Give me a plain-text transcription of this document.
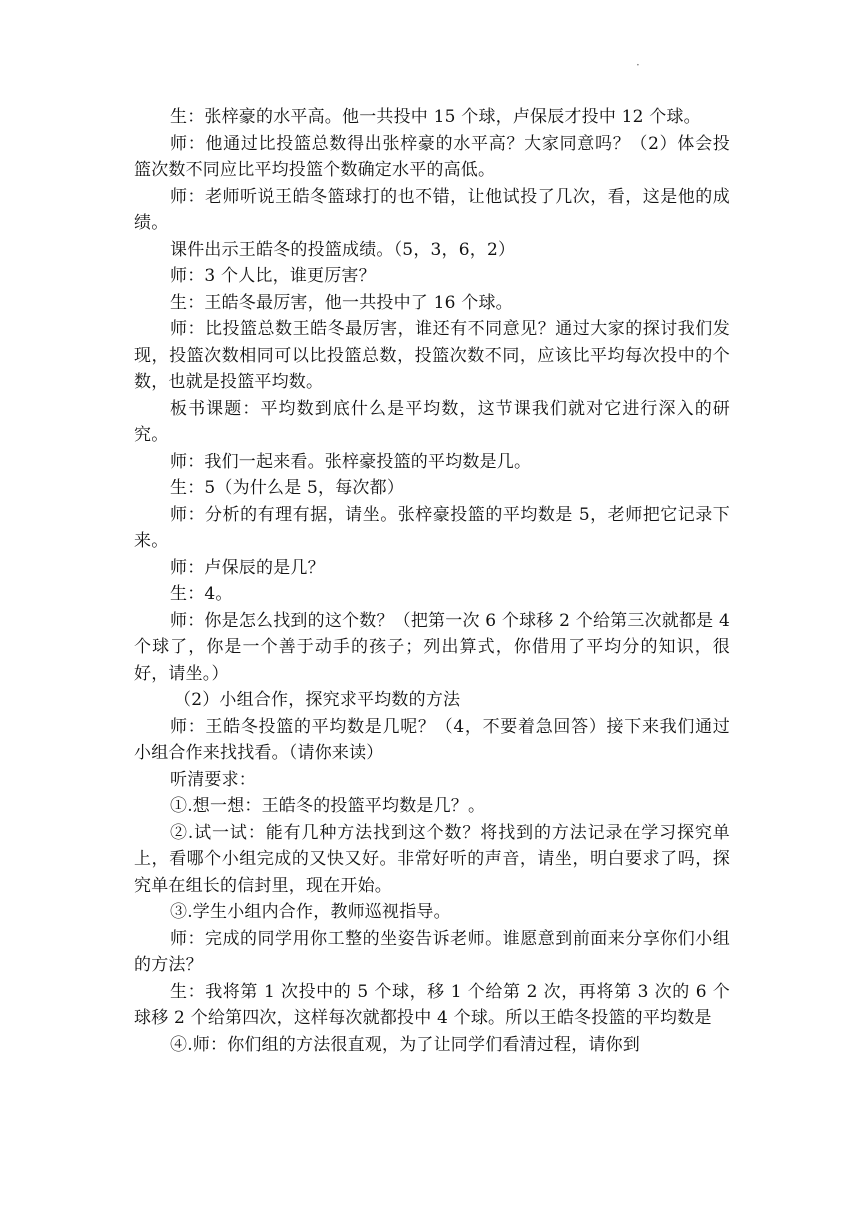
·

生：张梓豪的水平高。他一共投中 15 个球，卢保辰才投中 12 个球。

师：他通过比投篮总数得出张梓豪的水平高？大家同意吗？（2）体会投篮次数不同应比平均投篮个数确定水平的高低。

师：老师听说王皓冬篮球打的也不错，让他试投了几次，看，这是他的成绩。

课件出示王皓冬的投篮成绩。（5，3，6，2）

师：3 个人比，谁更厉害？

生：王皓冬最厉害，他一共投中了 16 个球。

师：比投篮总数王皓冬最厉害，谁还有不同意见？通过大家的探讨我们发现，投篮次数相同可以比投篮总数，投篮次数不同，应该比平均每次投中的个数，也就是投篮平均数。

板书课题：平均数到底什么是平均数，这节课我们就对它进行深入的研究。

师：我们一起来看。张梓豪投篮的平均数是几。

生：5（为什么是 5，每次都）

师：分析的有理有据，请坐。张梓豪投篮的平均数是 5，老师把它记录下来。

师：卢保辰的是几？

生：4。

师：你是怎么找到的这个数？（把第一次 6 个球移 2 个给第三次就都是 4 个球了，你是一个善于动手的孩子；列出算式，你借用了平均分的知识，很好，请坐。）

（2）小组合作，探究求平均数的方法

师：王皓冬投篮的平均数是几呢？（4，不要着急回答）接下来我们通过小组合作来找找看。（请你来读）

听清要求：

①.想一想：王皓冬的投篮平均数是几？。

②.试一试：能有几种方法找到这个数？将找到的方法记录在学习探究单上，看哪个小组完成的又快又好。非常好听的声音，请坐，明白要求了吗，探究单在组长的信封里，现在开始。

③.学生小组内合作，教师巡视指导。

师：完成的同学用你工整的坐姿告诉老师。谁愿意到前面来分享你们小组的方法？

生：我将第 1 次投中的 5 个球，移 1 个给第 2 次，再将第 3 次的 6 个球移 2 个给第四次，这样每次就都投中 4 个球。所以王皓冬投篮的平均数是

④.师：你们组的方法很直观，为了让同学们看清过程，请你到
